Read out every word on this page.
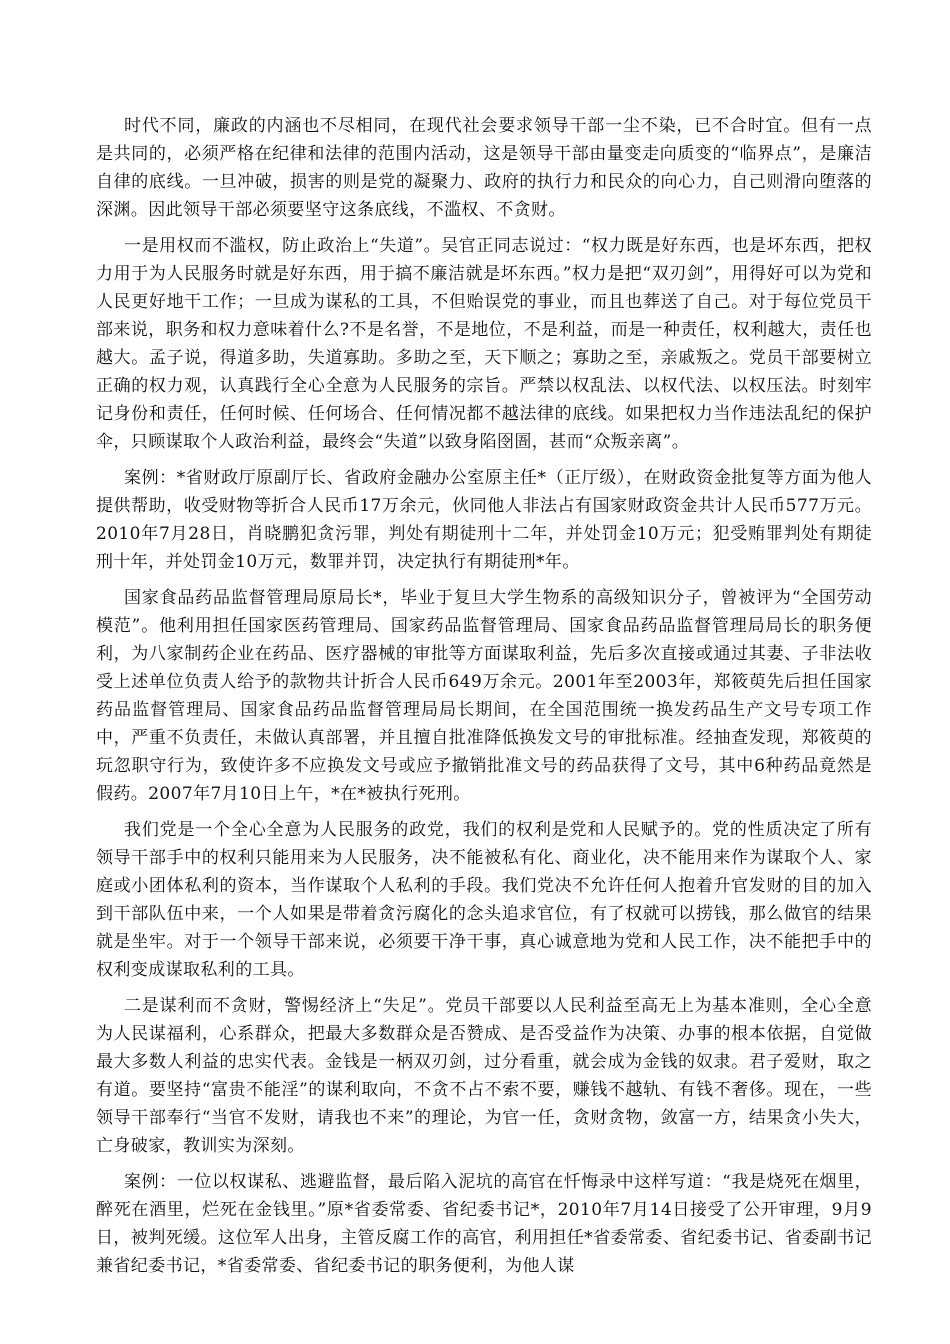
时代不同，廉政的内涵也不尽相同，在现代社会要求领导干部一尘不染，已不合时宜。但有一点是共同的，必须严格在纪律和法律的范围内活动，这是领导干部由量变走向质变的“临界点”，是廉洁自律的底线。一旦冲破，损害的则是党的凝聚力、政府的执行力和民众的向心力，自己则滑向堕落的深渊。因此领导干部必须要坚守这条底线，不滥权、不贪财。

一是用权而不滥权，防止政治上“失道”。吴官正同志说过：“权力既是好东西，也是坏东西，把权力用于为人民服务时就是好东西，用于搞不廉洁就是坏东西。”权力是把“双刃剑”，用得好可以为党和人民更好地干工作；一旦成为谋私的工具，不但贻误党的事业，而且也葬送了自己。对于每位党员干部来说，职务和权力意味着什么?不是名誉，不是地位，不是利益，而是一种责任，权利越大，责任也越大。孟子说，得道多助，失道寡助。多助之至，天下顺之；寡助之至，亲戚叛之。党员干部要树立正确的权力观，认真践行全心全意为人民服务的宗旨。严禁以权乱法、以权代法、以权压法。时刻牢记身份和责任，任何时候、任何场合、任何情况都不越法律的底线。如果把权力当作违法乱纪的保护伞，只顾谋取个人政治利益，最终会“失道”以致身陷囹圄，甚而“众叛亲离”。

案例：*省财政厅原副厅长、省政府金融办公室原主任*（正厅级），在财政资金批复等方面为他人提供帮助，收受财物等折合人民币17万余元，伙同他人非法占有国家财政资金共计人民币577万元。2010年7月28日，肖晓鹏犯贪污罪，判处有期徒刑十二年，并处罚金10万元；犯受贿罪判处有期徒刑十年，并处罚金10万元，数罪并罚，决定执行有期徒刑*年。

国家食品药品监督管理局原局长*，毕业于复旦大学生物系的高级知识分子，曾被评为“全国劳动模范”。他利用担任国家医药管理局、国家药品监督管理局、国家食品药品监督管理局局长的职务便利，为八家制药企业在药品、医疗器械的审批等方面谋取利益，先后多次直接或通过其妻、子非法收受上述单位负责人给予的款物共计折合人民币649万余元。2001年至2003年，郑筱萸先后担任国家药品监督管理局、国家食品药品监督管理局局长期间，在全国范围统一换发药品生产文号专项工作中，严重不负责任，未做认真部署，并且擅自批准降低换发文号的审批标准。经抽查发现，郑筱萸的玩忽职守行为，致使许多不应换发文号或应予撤销批准文号的药品获得了文号，其中6种药品竟然是假药。2007年7月10日上午，*在*被执行死刑。

我们党是一个全心全意为人民服务的政党，我们的权利是党和人民赋予的。党的性质决定了所有领导干部手中的权利只能用来为人民服务，决不能被私有化、商业化，决不能用来作为谋取个人、家庭或小团体私利的资本，当作谋取个人私利的手段。我们党决不允许任何人抱着升官发财的目的加入到干部队伍中来，一个人如果是带着贪污腐化的念头追求官位，有了权就可以捞钱，那么做官的结果就是坐牢。对于一个领导干部来说，必须要干净干事，真心诚意地为党和人民工作，决不能把手中的权利变成谋取私利的工具。

二是谋利而不贪财，警惕经济上“失足”。党员干部要以人民利益至高无上为基本准则，全心全意为人民谋福利，心系群众，把最大多数群众是否赞成、是否受益作为决策、办事的根本依据，自觉做最大多数人利益的忠实代表。金钱是一柄双刃剑，过分看重，就会成为金钱的奴隶。君子爱财，取之有道。要坚持“富贵不能淫”的谋利取向，不贪不占不索不要，赚钱不越轨、有钱不奢侈。现在，一些领导干部奉行“当官不发财，请我也不来”的理论，为官一任，贪财贪物，敛富一方，结果贪小失大，亡身破家，教训实为深刻。

案例：一位以权谋私、逃避监督，最后陷入泥坑的高官在忏悔录中这样写道：“我是烧死在烟里，醉死在酒里，烂死在金钱里。”原*省委常委、省纪委书记*，2010年7月14日接受了公开审理，9月9日，被判死缓。这位军人出身，主管反腐工作的高官，利用担任*省委常委、省纪委书记、省委副书记兼省纪委书记，*省委常委、省纪委书记的职务便利，为他人谋
